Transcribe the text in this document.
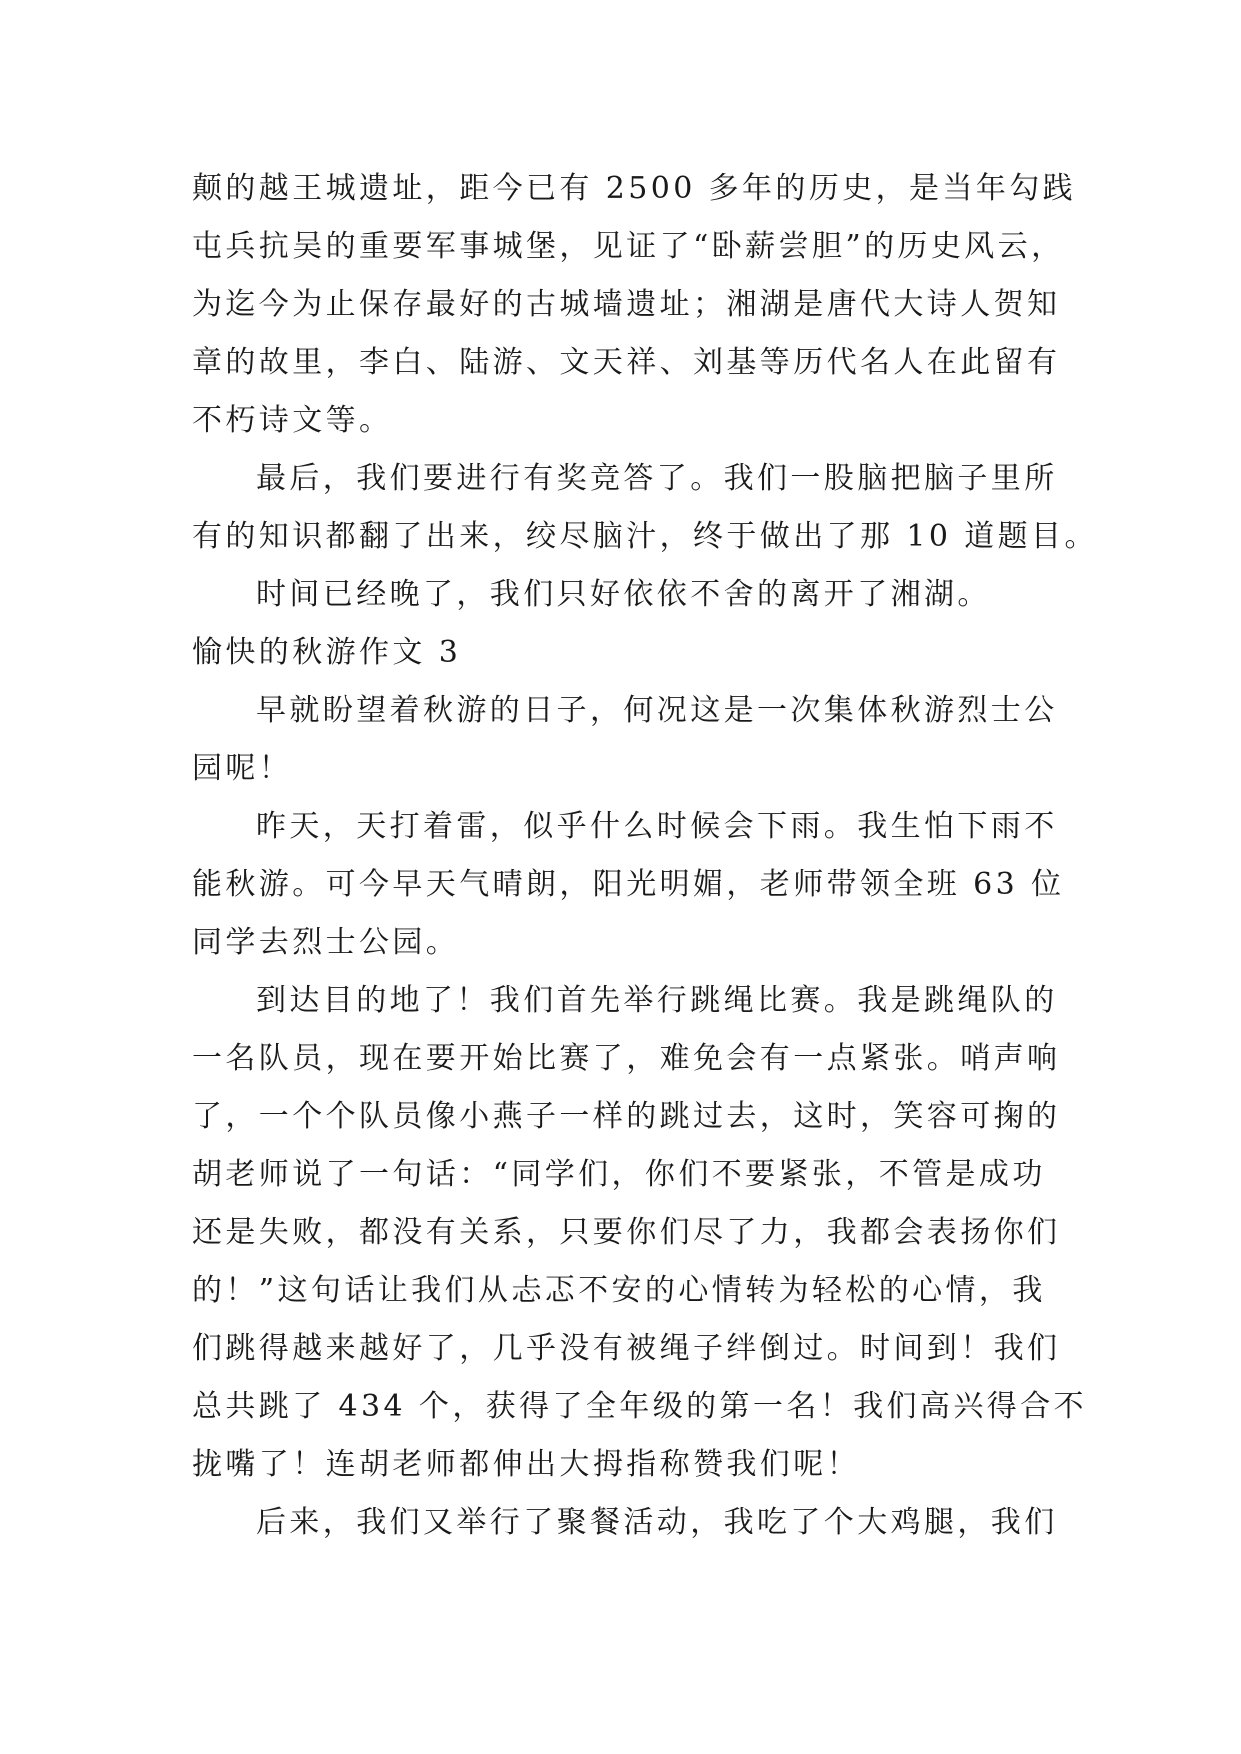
颠的越王城遗址，距今已有 2500 多年的历史，是当年勾践
屯兵抗吴的重要军事城堡，见证了“卧薪尝胆”的历史风云，
为迄今为止保存最好的古城墙遗址；湘湖是唐代大诗人贺知
章的故里，李白、陆游、文天祥、刘基等历代名人在此留有
不朽诗文等。
最后，我们要进行有奖竞答了。我们一股脑把脑子里所
有的知识都翻了出来，绞尽脑汁，终于做出了那 10 道题目。
时间已经晚了，我们只好依依不舍的离开了湘湖。
愉快的秋游作文 3
早就盼望着秋游的日子，何况这是一次集体秋游烈士公
园呢！
昨天，天打着雷，似乎什么时候会下雨。我生怕下雨不
能秋游。可今早天气晴朗，阳光明媚，老师带领全班 63 位
同学去烈士公园。
到达目的地了！我们首先举行跳绳比赛。我是跳绳队的
一名队员，现在要开始比赛了，难免会有一点紧张。哨声响
了，一个个队员像小燕子一样的跳过去，这时，笑容可掬的
胡老师说了一句话：“同学们，你们不要紧张，不管是成功
还是失败，都没有关系，只要你们尽了力，我都会表扬你们
的！”这句话让我们从忐忑不安的心情转为轻松的心情，我
们跳得越来越好了，几乎没有被绳子绊倒过。时间到！我们
总共跳了 434 个，获得了全年级的第一名！我们高兴得合不
拢嘴了！连胡老师都伸出大拇指称赞我们呢！
后来，我们又举行了聚餐活动，我吃了个大鸡腿，我们
